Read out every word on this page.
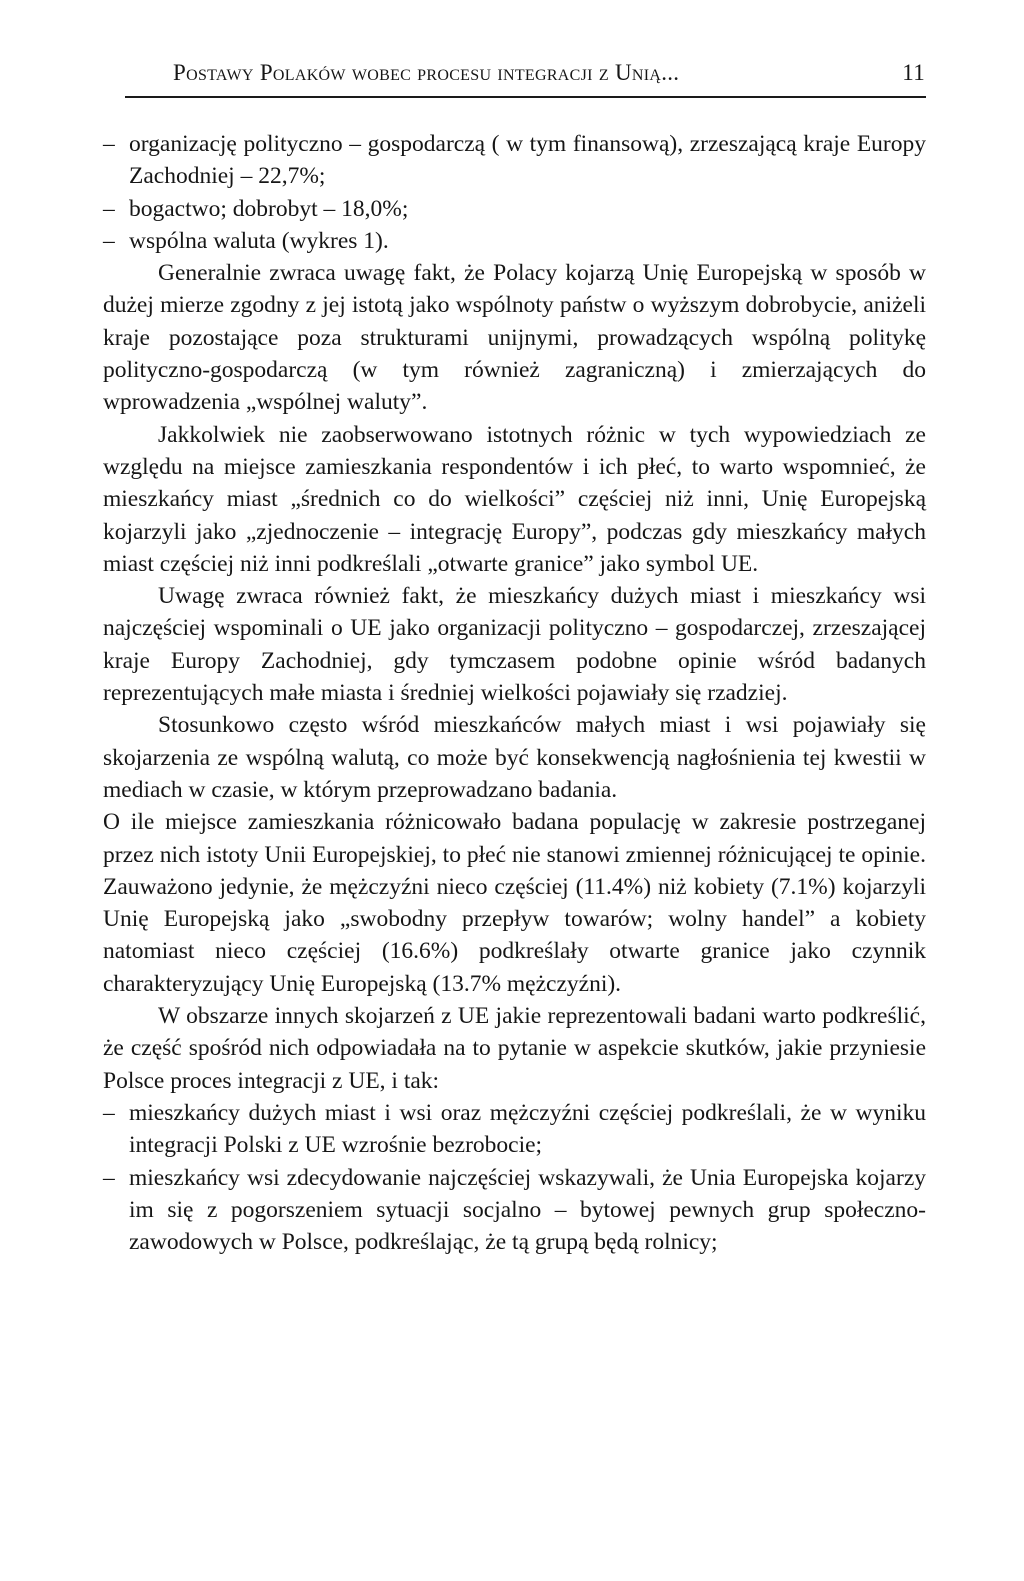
Postawy Polaków wobec procesu integracji z Unią...	11
– organizację polityczno – gospodarczą ( w tym finansową), zrzeszającą kraje Europy Zachodniej – 22,7%;
– bogactwo; dobrobyt – 18,0%;
– wspólna waluta (wykres 1).

Generalnie zwraca uwagę fakt, że Polacy kojarzą Unię Europejską w sposób w dużej mierze zgodny z jej istotą jako wspólnoty państw o wyższym dobrobycie, aniżeli kraje pozostające poza strukturami unijnymi, prowadzących wspólną politykę polityczno-gospodarczą (w tym również zagraniczną) i zmierzających do wprowadzenia „wspólnej waluty”.

Jakkolwiek nie zaobserwowano istotnych różnic w tych wypowiedziach ze względu na miejsce zamieszkania respondentów i ich płeć, to warto wspomnieć, że mieszkańcy miast „średnich co do wielkości” częściej niż inni, Unię Europejską kojarzyli jako „zjednoczenie – integrację Europy”, podczas gdy mieszkańcy małych miast częściej niż inni podkreślali „otwarte granice” jako symbol UE.

Uwagę zwraca również fakt, że mieszkańcy dużych miast i mieszkańcy wsi najczęściej wspominali o UE jako organizacji polityczno – gospodarczej, zrzeszającej kraje Europy Zachodniej, gdy tymczasem podobne opinie wśród badanych reprezentujących małe miasta i średniej wielkości pojawiały się rzadziej.

Stosunkowo często wśród mieszkańców małych miast i wsi pojawiały się skojarzenia ze wspólną walutą, co może być konsekwencją nagłośnienia tej kwestii w mediach w czasie, w którym przeprowadzano badania.

O ile miejsce zamieszkania różnicowało badana populację w zakresie postrzeganej przez nich istoty Unii Europejskiej, to płeć nie stanowi zmiennej różnicującej te opinie. Zauważono jedynie, że mężczyźni nieco częściej (11.4%) niż kobiety (7.1%) kojarzyli Unię Europejską jako „swobodny przepływ towarów; wolny handel” a kobiety natomiast nieco częściej (16.6%) podkreślały otwarte granice jako czynnik charakteryzujący Unię Europejską (13.7% mężczyźni).

W obszarze innych skojarzeń z UE jakie reprezentowali badani warto podkreślić, że część spośród nich odpowiadała na to pytanie w aspekcie skutków, jakie przyniesie Polsce proces integracji z UE, i tak:

– mieszkańcy dużych miast i wsi oraz mężczyźni częściej podkreślali, że w wyniku integracji Polski z UE wzrośnie bezrobocie;
– mieszkańcy wsi zdecydowanie najczęściej wskazywali, że Unia Europejska kojarzy im się z pogorszeniem sytuacji socjalno – bytowej pewnych grup społeczno-zawodowych w Polsce, podkreślając, że tą grupą będą rolnicy;
